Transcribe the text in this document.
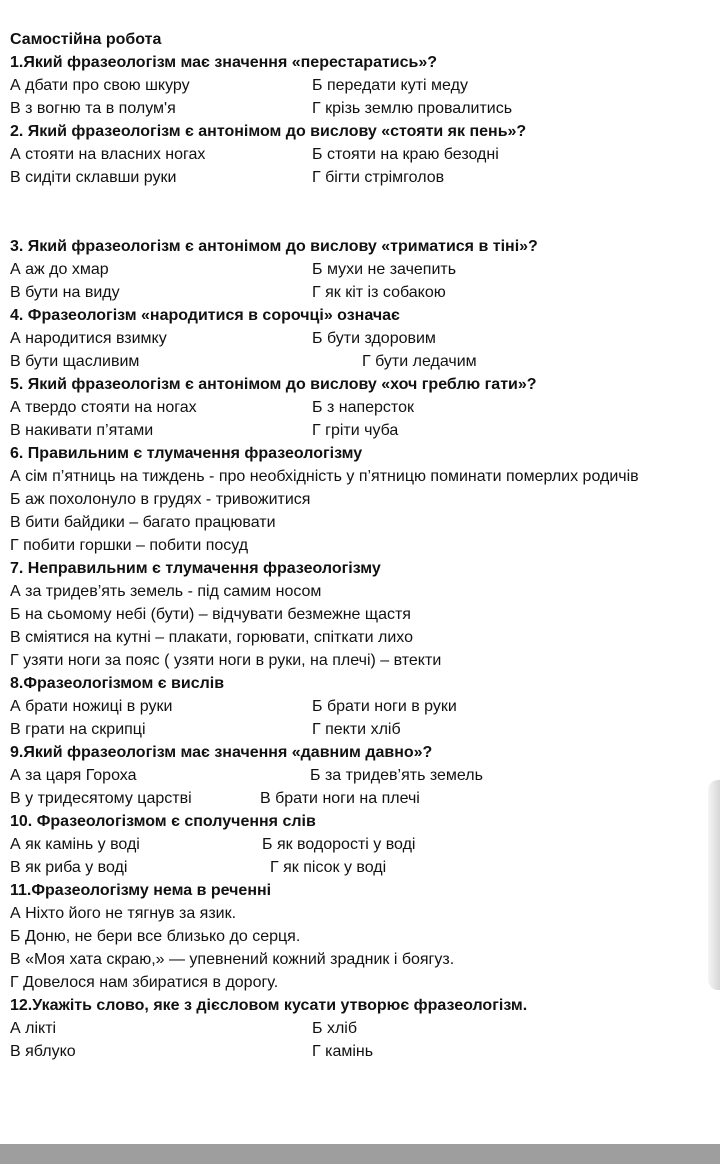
Самостійна робота
1.Який фразеологізм має значення «перестаратись»?
А дбати про свою шкуру	Б передати куті меду
В з вогню та в полум'я	Г крізь землю провалитись
2. Який фразеологізм є антонімом до вислову «стояти як пень»?
А стояти на власних ногах	Б стояти на краю безодні
В сидіти склавши руки	Г бігти стрімголов
3. Який фразеологізм є антонімом до вислову «триматися в тіні»?
А аж до хмар	Б мухи не зачепить
В бути на виду	Г як кіт із собакою
4. Фразеологізм «народитися в сорочці» означає
А народитися взимку	Б бути здоровим
В бути щасливим	Г бути ледачим
5. Який фразеологізм є антонімом до вислову «хоч греблю гати»?
А твердо стояти на ногах	Б з наперсток
В накивати п’ятами	Г гріти чуба
6. Правильним є тлумачення фразеологізму
А сім п’ятниць на тиждень - про необхідність у п’ятницю поминати померлих родичів
Б аж похолонуло в грудях - тривожитися
В бити байдики – багато працювати
Г побити горшки – побити посуд
7. Неправильним є тлумачення фразеологізму
А за тридев’ять земель - під самим носом
Б на сьомому небі (бути) – відчувати безмежне щастя
В сміятися на кутні – плакати, горювати, спіткати лихо
Г узяти ноги за пояс ( узяти ноги в руки, на плечі) – втекти
8.Фразеологізмом є вислів
А брати ножиці в руки	Б брати ноги в руки
В грати на скрипці	Г пекти хліб
9.Який фразеологізм має значення «давним давно»?
А за царя Гороха	Б за тридев’ять земель
В у тридесятому царстві	В брати ноги на плечі
10. Фразеологізмом є сполучення слів
А як камінь у воді	Б як водорості у воді
В як риба у воді	Г як пісок у воді
11.Фразеологізму нема в реченні
А Ніхто його не тягнув за язик.
Б Доню, не бери все близько до серця.
В «Моя хата скраю,» — упевнений кожний зрадник і боягуз.
Г Довелося нам збиратися в дорогу.
12.Укажіть слово, яке з дієсловом кусати утворює фразеологізм.
А лікті	Б хліб
В яблуко	Г камінь
